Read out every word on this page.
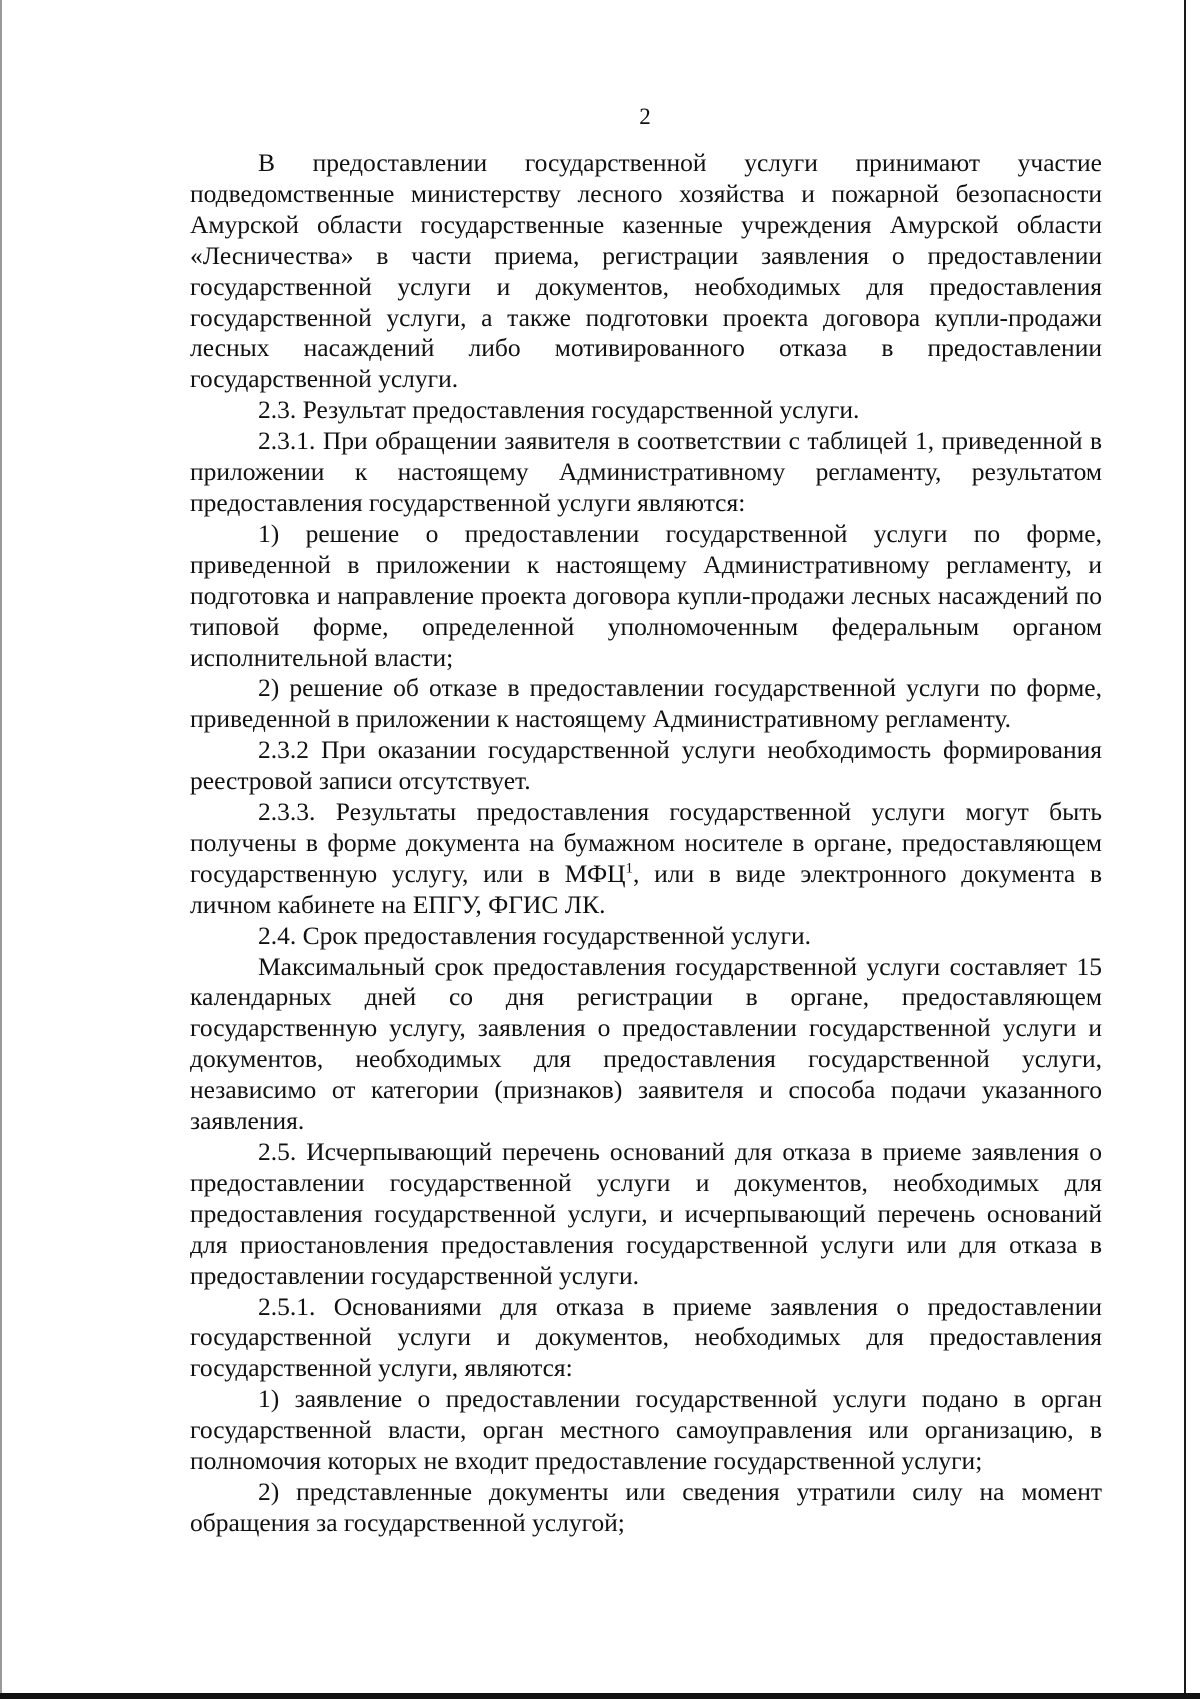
2

В предоставлении государственной услуги принимают участие подведомственные министерству лесного хозяйства и пожарной безопасности Амурской области государственные казенные учреждения Амурской области «Лесничества» в части приема, регистрации заявления о предоставлении государственной услуги и документов, необходимых для предоставления государственной услуги, а также подготовки проекта договора купли-продажи лесных насаждений либо мотивированного отказа в предоставлении государственной услуги.

2.3. Результат предоставления государственной услуги.

2.3.1. При обращении заявителя в соответствии с таблицей 1, приведенной в приложении к настоящему Административному регламенту, результатом предоставления государственной услуги являются:

1) решение о предоставлении государственной услуги по форме, приведенной в приложении к настоящему Административному регламенту, и подготовка и направление проекта договора купли-продажи лесных насаждений по типовой форме, определенной уполномоченным федеральным органом исполнительной власти;

2) решение об отказе в предоставлении государственной услуги по форме, приведенной в приложении к настоящему Административному регламенту.

2.3.2 При оказании государственной услуги необходимость формирования реестровой записи отсутствует.

2.3.3. Результаты предоставления государственной услуги могут быть получены в форме документа на бумажном носителе в органе, предоставляющем государственную услугу, или в МФЦ$^1$, или в виде электронного документа в личном кабинете на ЕПГУ, ФГИС ЛК.

2.4. Срок предоставления государственной услуги.

Максимальный срок предоставления государственной услуги составляет 15 календарных дней со дня регистрации в органе, предоставляющем государственную услугу, заявления о предоставлении государственной услуги и документов, необходимых для предоставления государственной услуги, независимо от категории (признаков) заявителя и способа подачи указанного заявления.

2.5. Исчерпывающий перечень оснований для отказа в приеме заявления о предоставлении государственной услуги и документов, необходимых для предоставления государственной услуги, и исчерпывающий перечень оснований для приостановления предоставления государственной услуги или для отказа в предоставлении государственной услуги.

2.5.1. Основаниями для отказа в приеме заявления о предоставлении государственной услуги и документов, необходимых для предоставления государственной услуги, являются:

1) заявление о предоставлении государственной услуги подано в орган государственной власти, орган местного самоуправления или организацию, в полномочия которых не входит предоставление государственной услуги;

2) представленные документы или сведения утратили силу на момент обращения за государственной услугой;
